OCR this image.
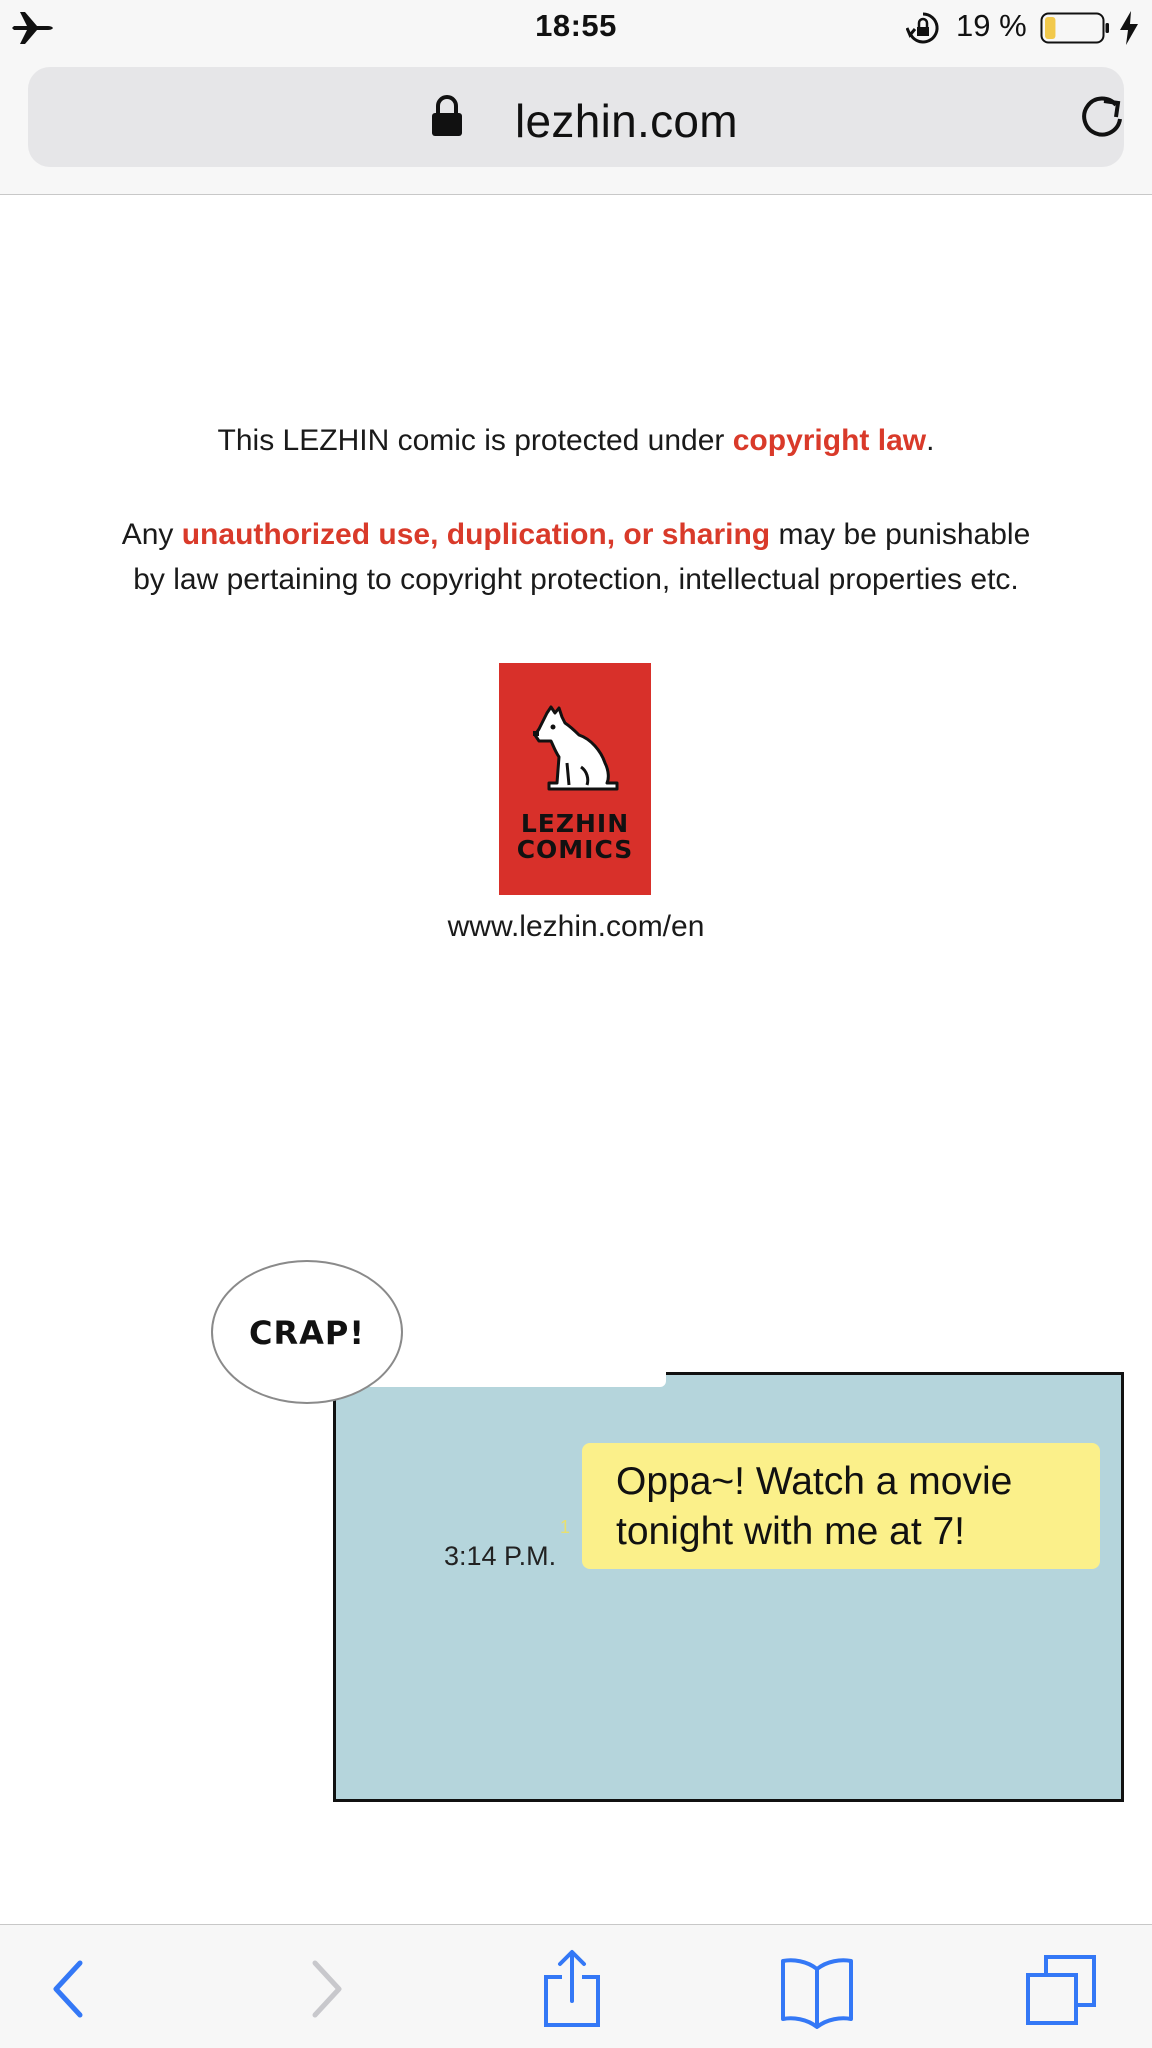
18:55	19 %
lezhin.com
This LEZHIN comic is protected under copyright law.
Any unauthorized use, duplication, or sharing may be punishable
by law pertaining to copyright protection, intellectual properties etc.
LEZHIN
COMICS
www.lezhin.com/en
1
3:14 P.M.
Oppa~! Watch a movie
tonight with me at 7!
CRAP!
